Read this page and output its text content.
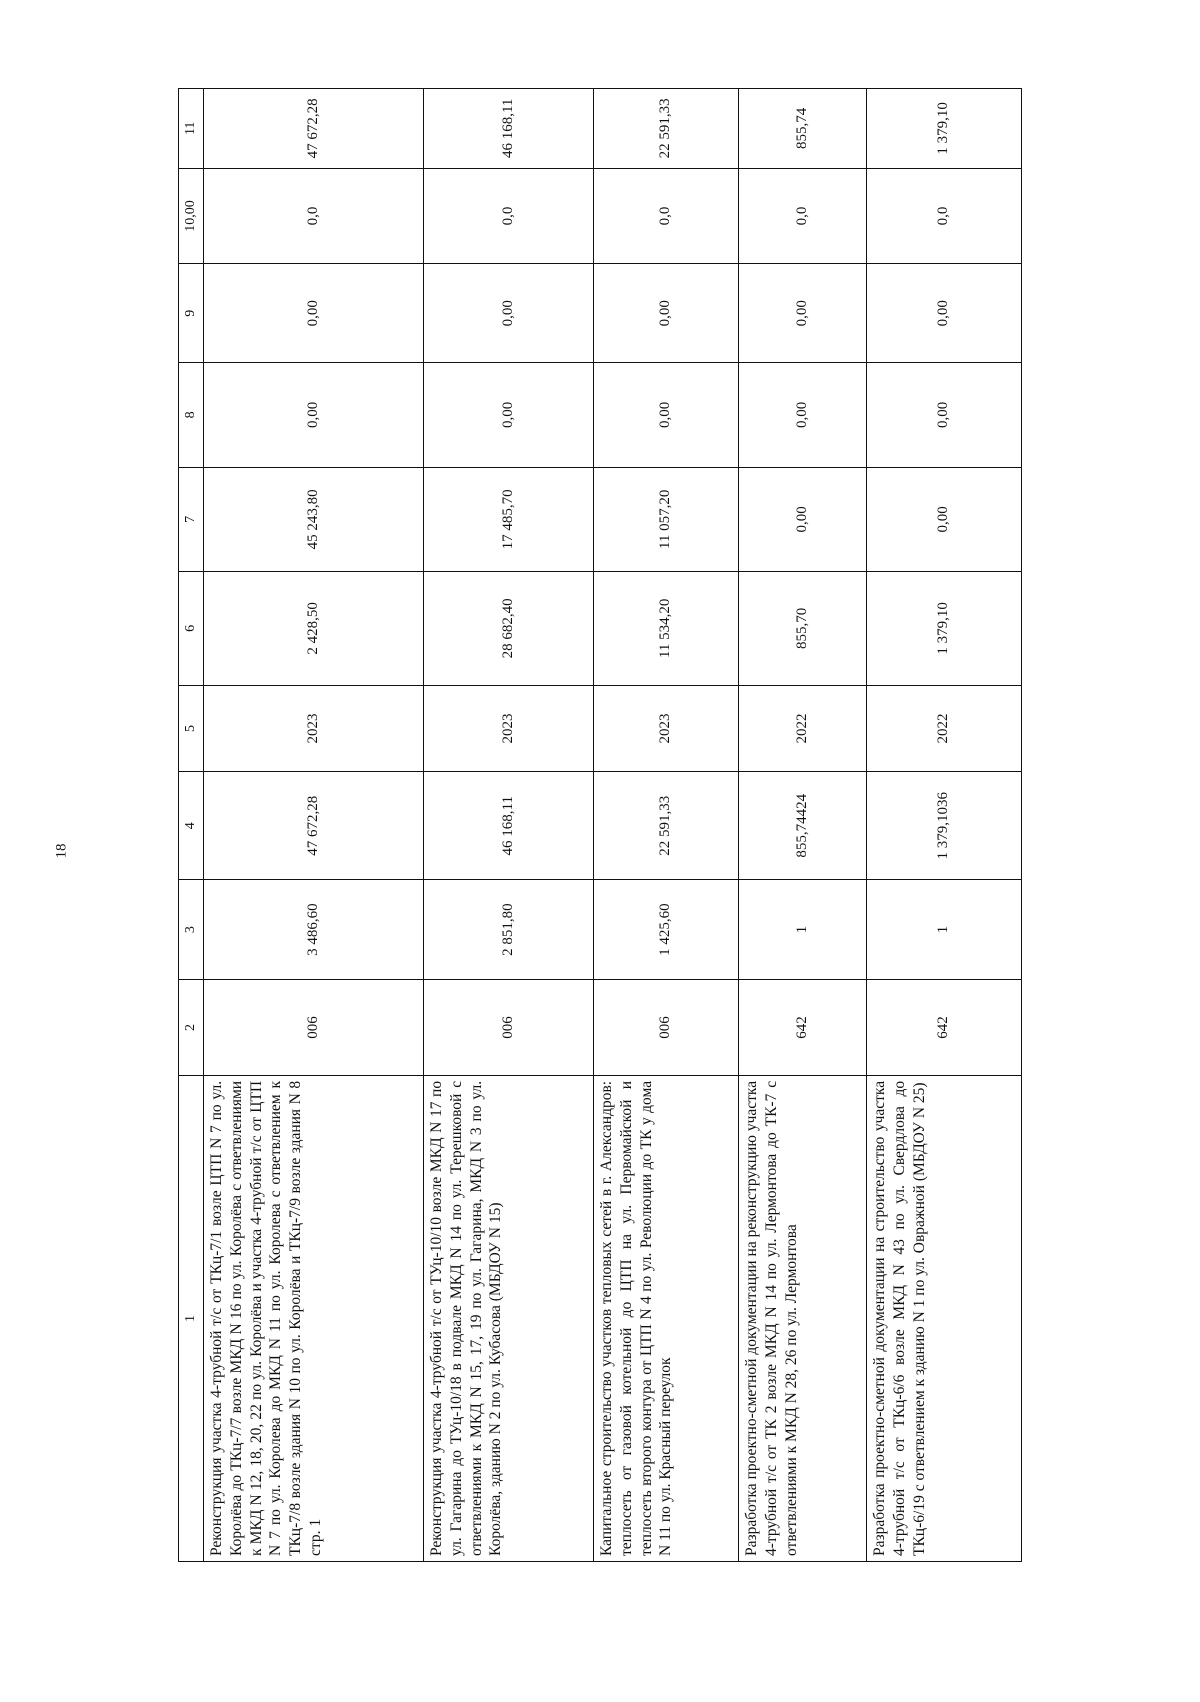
18
1	2	3	4	5	6	7	8	9	10,00	11
Реконструкция участка 4-трубной т/с от ТКц-7/1 возле ЦТП N 7 по ул. Королёва до ТКц-7/7 возле МКД N 16 по ул. Королёва с ответвлениями к МКД N 12, 18, 20, 22 по ул. Королёва и участка 4-трубной т/с от ЦТП N 7 по ул. Королева до МКД N 11 по ул. Королева с ответвлением к ТКц-7/8 возле здания N 10 по ул. Королёва и ТКц-7/9 возле здания N 8 стр. 1	006	3 486,60	47 672,28	2023	2 428,50	45 243,80	0,00	0,00	0,0	47 672,28
Реконструкция участка 4-трубной т/с от ТУц-10/10 возле МКД N 17 по ул. Гагарина до ТУц-10/18 в подвале МКД N 14 по ул. Терешковой с ответвлениями к МКД N 15, 17, 19 по ул. Гагарина, МКД N 3 по ул. Королёва, зданию N 2 по ул. Кубасова (МБДОУ N 15)	006	2 851,80	46 168,11	2023	28 682,40	17 485,70	0,00	0,00	0,0	46 168,11
Капитальное строительство участков тепловых сетей в г. Александров: теплосеть от газовой котельной до ЦТП на ул. Первомайской и теплосеть второго контура от ЦТП N 4 по ул. Революции до ТК у дома N 11 по ул. Красный переулок	006	1 425,60	22 591,33	2023	11 534,20	11 057,20	0,00	0,00	0,0	22 591,33
Разработка проектно-сметной документации на реконструкцию участка 4-трубной т/с от ТК 2 возле МКД N 14 по ул. Лермонтова до ТК-7 с ответвлениями к МКД N 28, 26 по ул. Лермонтова	642	1	855,74424	2022	855,70	0,00	0,00	0,00	0,0	855,74
Разработка проектно-сметной документации на строительство участка 4-трубной т/с от ТКц-6/6 возле МКД N 43 по ул. Свердлова до ТКц-6/19 с ответвлением к зданию N 1 по ул. Овражной (МБДОУ N 25)	642	1	1 379,1036	2022	1 379,10	0,00	0,00	0,00	0,0	1 379,10
